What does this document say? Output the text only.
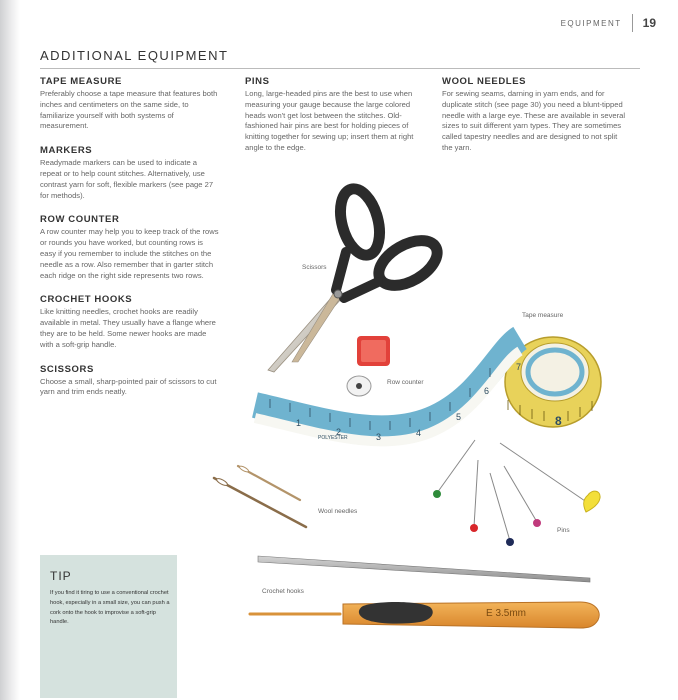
EQUIPMENT 19
ADDITIONAL EQUIPMENT
TAPE MEASURE
Preferably choose a tape measure that features both inches and centimeters on the same side, to familiarize yourself with both systems of measurement.
MARKERS
Readymade markers can be used to indicate a repeat or to help count stitches. Alternatively, use contrast yarn for soft, flexible markers (see page 27 for methods).
ROW COUNTER
A row counter may help you to keep track of the rows or rounds you have worked, but counting rows is easy if you remember to include the stitches on the needle as a row. Also remember that in garter stitch each ridge on the right side represents two rows.
CROCHET HOOKS
Like knitting needles, crochet hooks are readily available in metal. They usually have a flange where they are to be held. Some newer hooks are made with a soft-grip handle.
SCISSORS
Choose a small, sharp-pointed pair of scissors to cut yarn and trim ends neatly.
PINS
Long, large-headed pins are the best to use when measuring your gauge because the large colored heads won't get lost between the stitches. Old-fashioned hair pins are best for holding pieces of knitting together for sewing up; insert them at right angle to the edge.
WOOL NEEDLES
For sewing seams, darning in yarn ends, and for duplicate stitch (see page 30) you need a blunt-tipped needle with a large eye. These are available in several sizes to suit different yarn types. They are sometimes called tapestry needles and are designed to not split the yarn.
1
2	3	4
5
6
7
8
POLYESTER
E 3.5mm
Scissors
Tape measure
Row counter
Wool needles
Pins
Crochet hooks
TIP
If you find it tiring to use a conventional crochet hook, especially in a small size, you can push a cork onto the hook to improvise a soft-grip handle.
